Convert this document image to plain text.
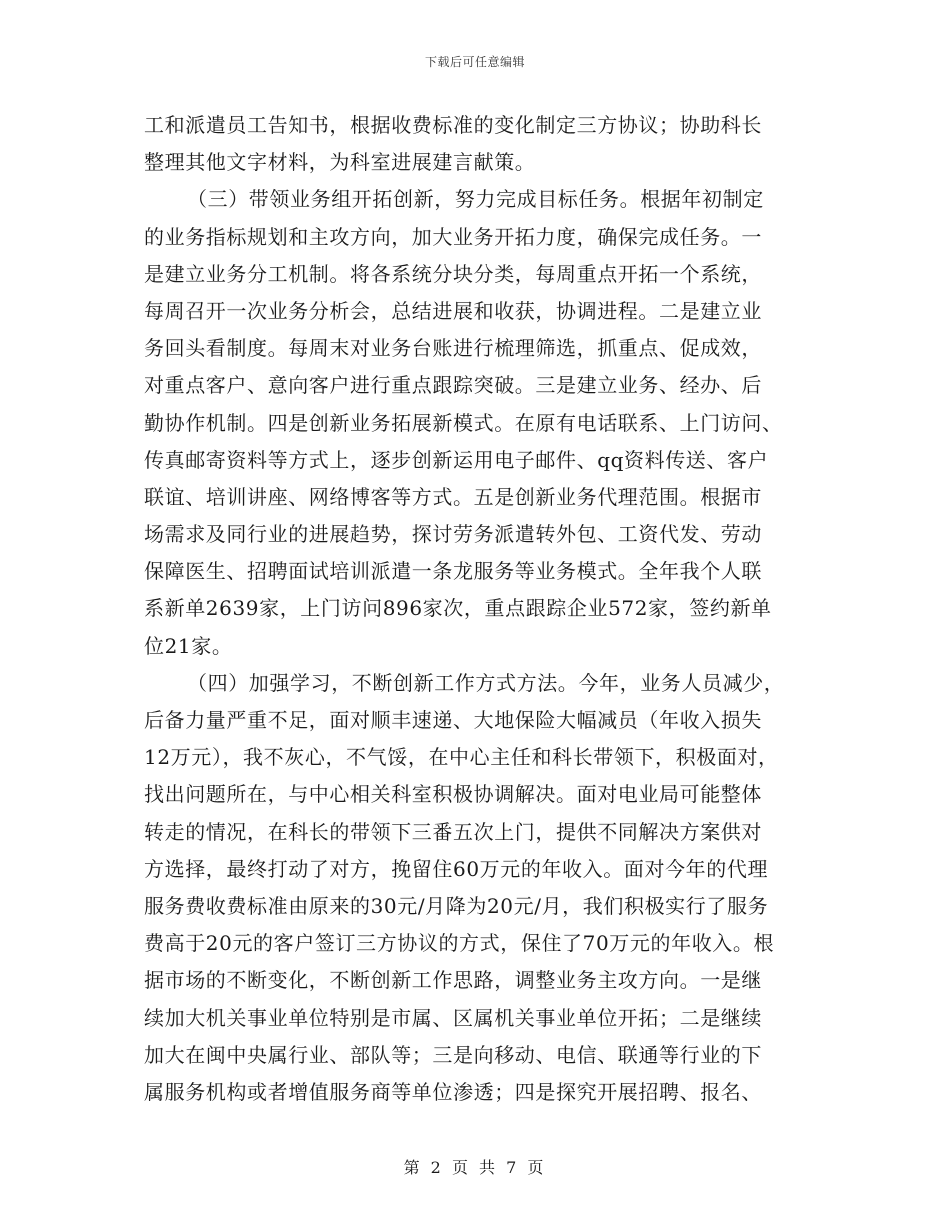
下载后可任意编辑
工和派遣员工告知书，根据收费标准的变化制定三方协议；协助科长
整理其他文字材料，为科室进展建言献策。
（三）带领业务组开拓创新，努力完成目标任务。根据年初制定
的业务指标规划和主攻方向，加大业务开拓力度，确保完成任务。一
是建立业务分工机制。将各系统分块分类，每周重点开拓一个系统，
每周召开一次业务分析会，总结进展和收获，协调进程。二是建立业
务回头看制度。每周末对业务台账进行梳理筛选，抓重点、促成效，
对重点客户、意向客户进行重点跟踪突破。三是建立业务、经办、后
勤协作机制。四是创新业务拓展新模式。在原有电话联系、上门访问、
传真邮寄资料等方式上，逐步创新运用电子邮件、qq资料传送、客户
联谊、培训讲座、网络博客等方式。五是创新业务代理范围。根据市
场需求及同行业的进展趋势，探讨劳务派遣转外包、工资代发、劳动
保障医生、招聘面试培训派遣一条龙服务等业务模式。全年我个人联
系新单2639家，上门访问896家次，重点跟踪企业572家，签约新单
位21家。
（四）加强学习，不断创新工作方式方法。今年，业务人员减少，
后备力量严重不足，面对顺丰速递、大地保险大幅减员（年收入损失
12万元），我不灰心，不气馁，在中心主任和科长带领下，积极面对，
找出问题所在，与中心相关科室积极协调解决。面对电业局可能整体
转走的情况，在科长的带领下三番五次上门，提供不同解决方案供对
方选择，最终打动了对方，挽留住60万元的年收入。面对今年的代理
服务费收费标准由原来的30元/月降为20元/月，我们积极实行了服务
费高于20元的客户签订三方协议的方式，保住了70万元的年收入。根
据市场的不断变化，不断创新工作思路，调整业务主攻方向。一是继
续加大机关事业单位特别是市属、区属机关事业单位开拓；二是继续
加大在闽中央属行业、部队等；三是向移动、电信、联通等行业的下
属服务机构或者增值服务商等单位渗透；四是探究开展招聘、报名、
第 2 页 共 7 页
